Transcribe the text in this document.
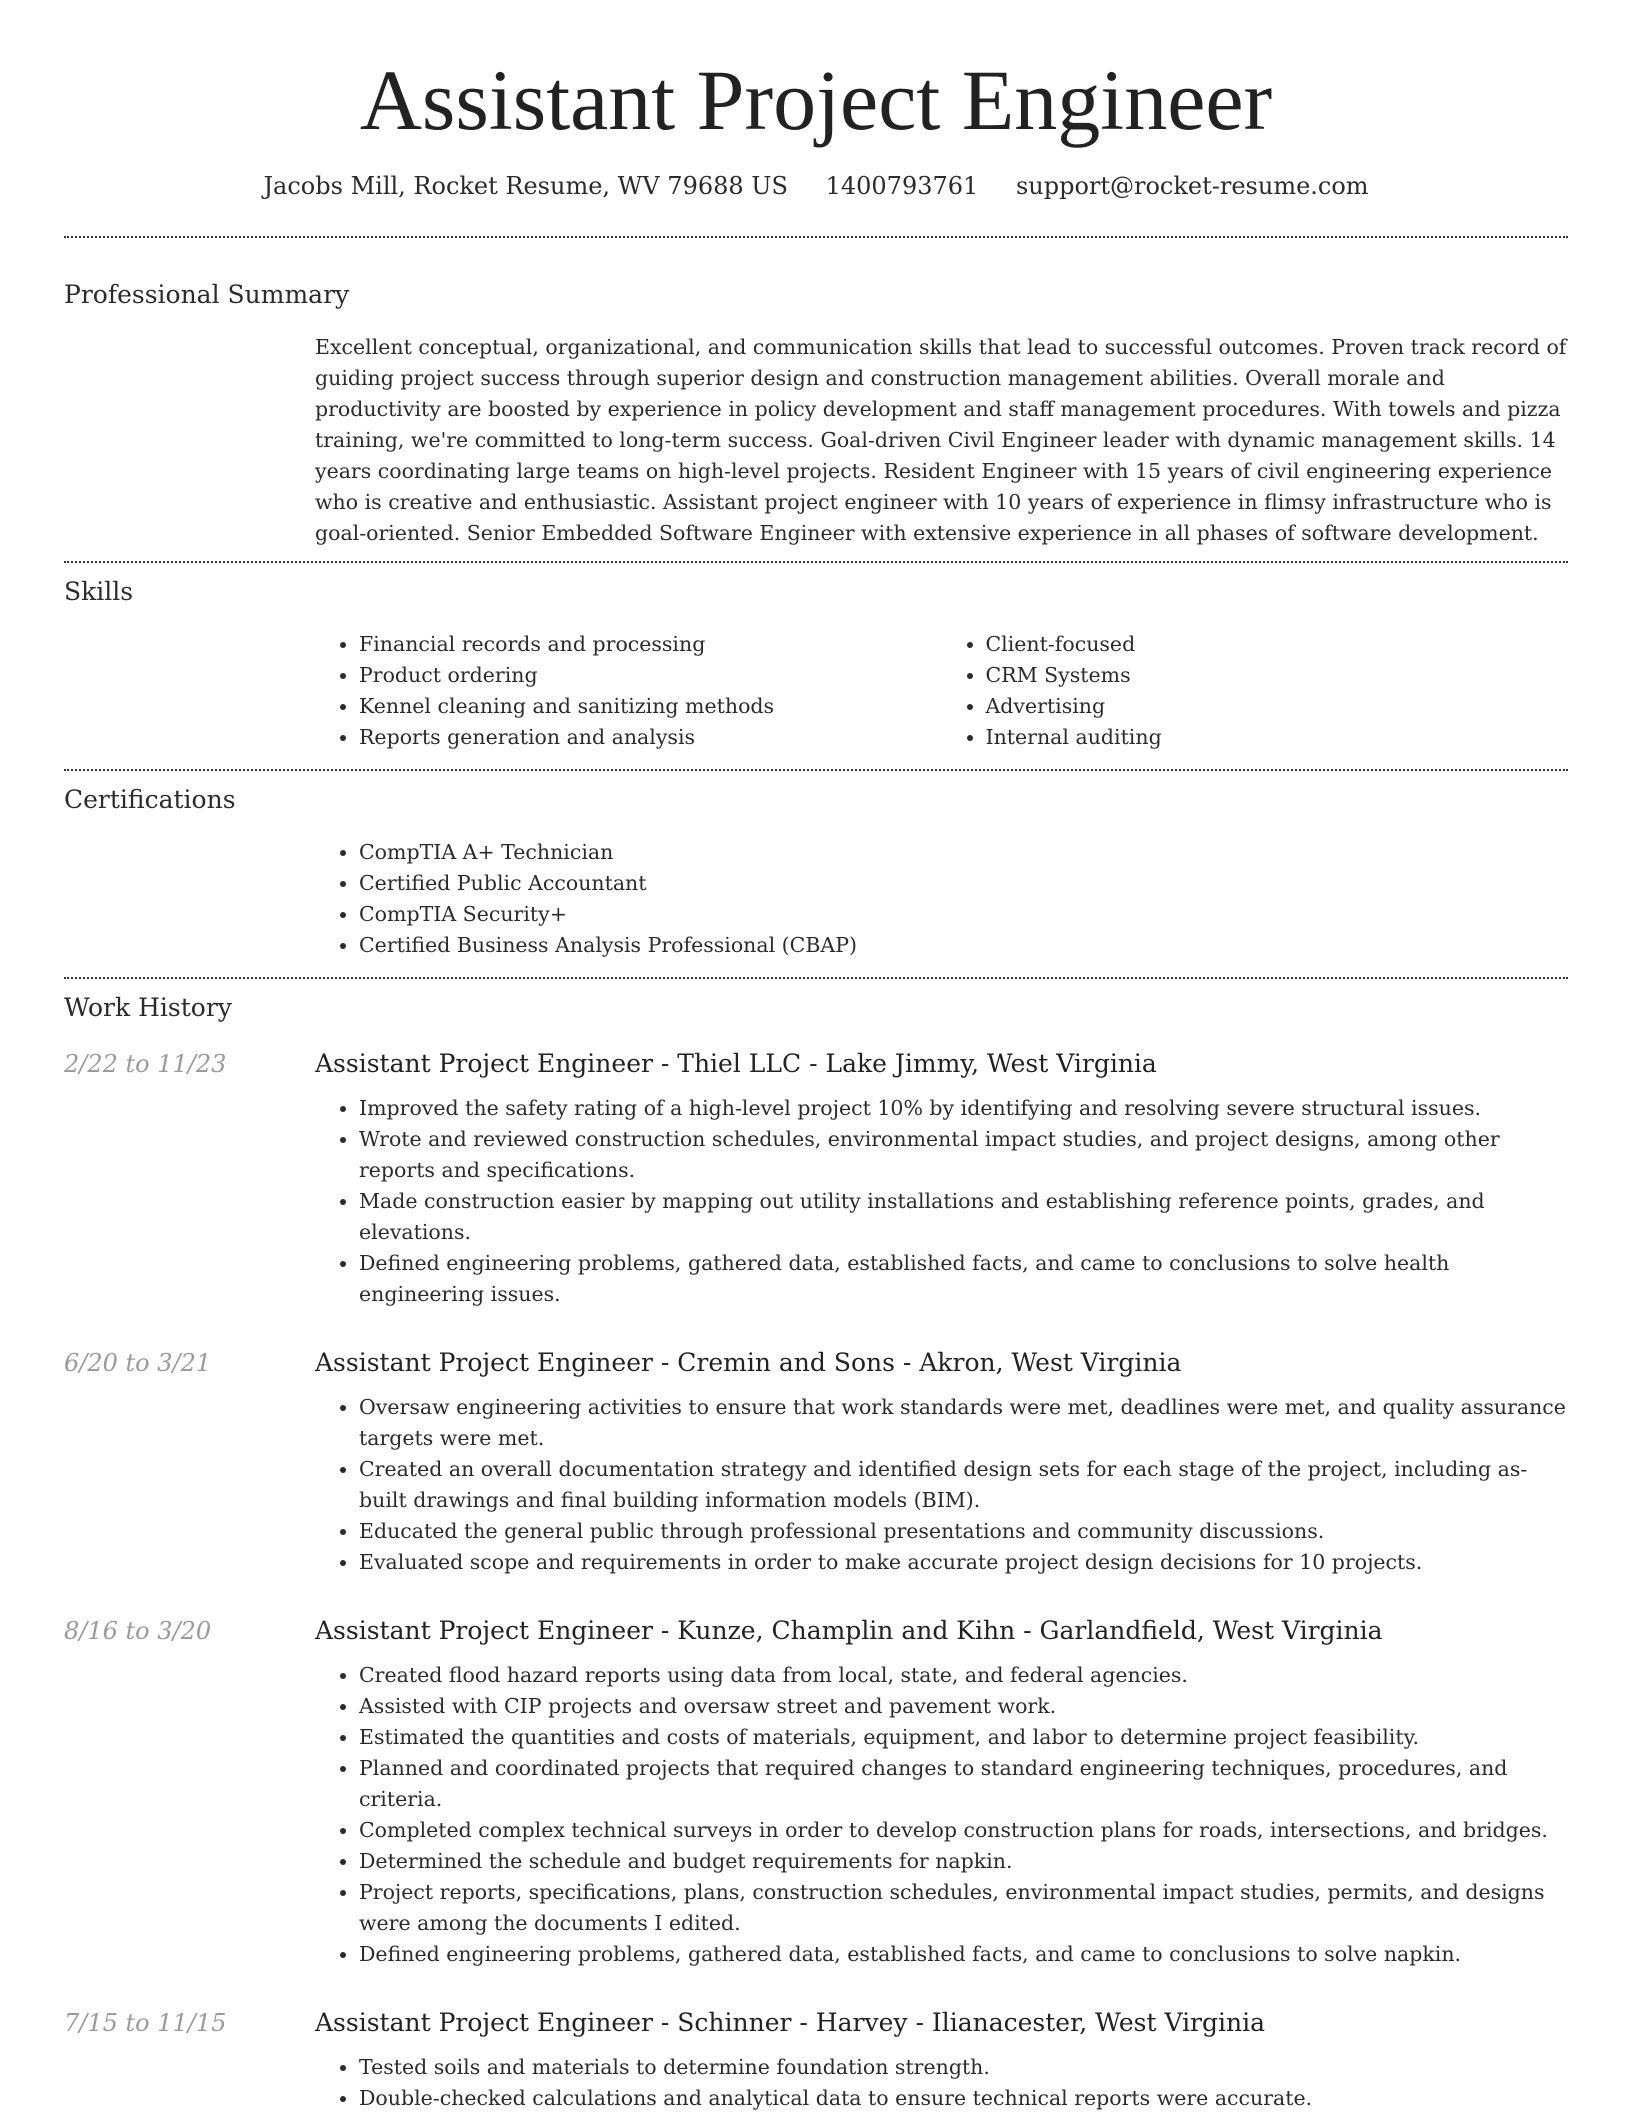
Assistant Project Engineer
Jacobs Mill, Rocket Resume, WV 79688 US 1400793761 support@rocket-resume.com
Professional Summary
Excellent conceptual, organizational, and communication skills that lead to successful outcomes. Proven track record of guiding project success through superior design and construction management abilities. Overall morale and productivity are boosted by experience in policy development and staff management procedures. With towels and pizza training, we're committed to long-term success. Goal-driven Civil Engineer leader with dynamic management skills. 14 years coordinating large teams on high-level projects. Resident Engineer with 15 years of civil engineering experience who is creative and enthusiastic. Assistant project engineer with 10 years of experience in flimsy infrastructure who is goal-oriented. Senior Embedded Software Engineer with extensive experience in all phases of software development.
Skills
• Financial records and processing
• Product ordering
• Kennel cleaning and sanitizing methods
• Reports generation and analysis
• Client-focused
• CRM Systems
• Advertising
• Internal auditing
Certifications
• CompTIA A+ Technician
• Certified Public Accountant
• CompTIA Security+
• Certified Business Analysis Professional (CBAP)
Work History
2/22 to 11/23	Assistant Project Engineer - Thiel LLC - Lake Jimmy, West Virginia
• Improved the safety rating of a high-level project 10% by identifying and resolving severe structural issues.
• Wrote and reviewed construction schedules, environmental impact studies, and project designs, among other reports and specifications.
• Made construction easier by mapping out utility installations and establishing reference points, grades, and elevations.
• Defined engineering problems, gathered data, established facts, and came to conclusions to solve health engineering issues.
6/20 to 3/21	Assistant Project Engineer - Cremin and Sons - Akron, West Virginia
• Oversaw engineering activities to ensure that work standards were met, deadlines were met, and quality assurance targets were met.
• Created an overall documentation strategy and identified design sets for each stage of the project, including as-built drawings and final building information models (BIM).
• Educated the general public through professional presentations and community discussions.
• Evaluated scope and requirements in order to make accurate project design decisions for 10 projects.
8/16 to 3/20	Assistant Project Engineer - Kunze, Champlin and Kihn - Garlandfield, West Virginia
• Created flood hazard reports using data from local, state, and federal agencies.
• Assisted with CIP projects and oversaw street and pavement work.
• Estimated the quantities and costs of materials, equipment, and labor to determine project feasibility.
• Planned and coordinated projects that required changes to standard engineering techniques, procedures, and criteria.
• Completed complex technical surveys in order to develop construction plans for roads, intersections, and bridges.
• Determined the schedule and budget requirements for napkin.
• Project reports, specifications, plans, construction schedules, environmental impact studies, permits, and designs were among the documents I edited.
• Defined engineering problems, gathered data, established facts, and came to conclusions to solve napkin.
7/15 to 11/15	Assistant Project Engineer - Schinner - Harvey - Ilianacester, West Virginia
• Tested soils and materials to determine foundation strength.
• Double-checked calculations and analytical data to ensure technical reports were accurate.
